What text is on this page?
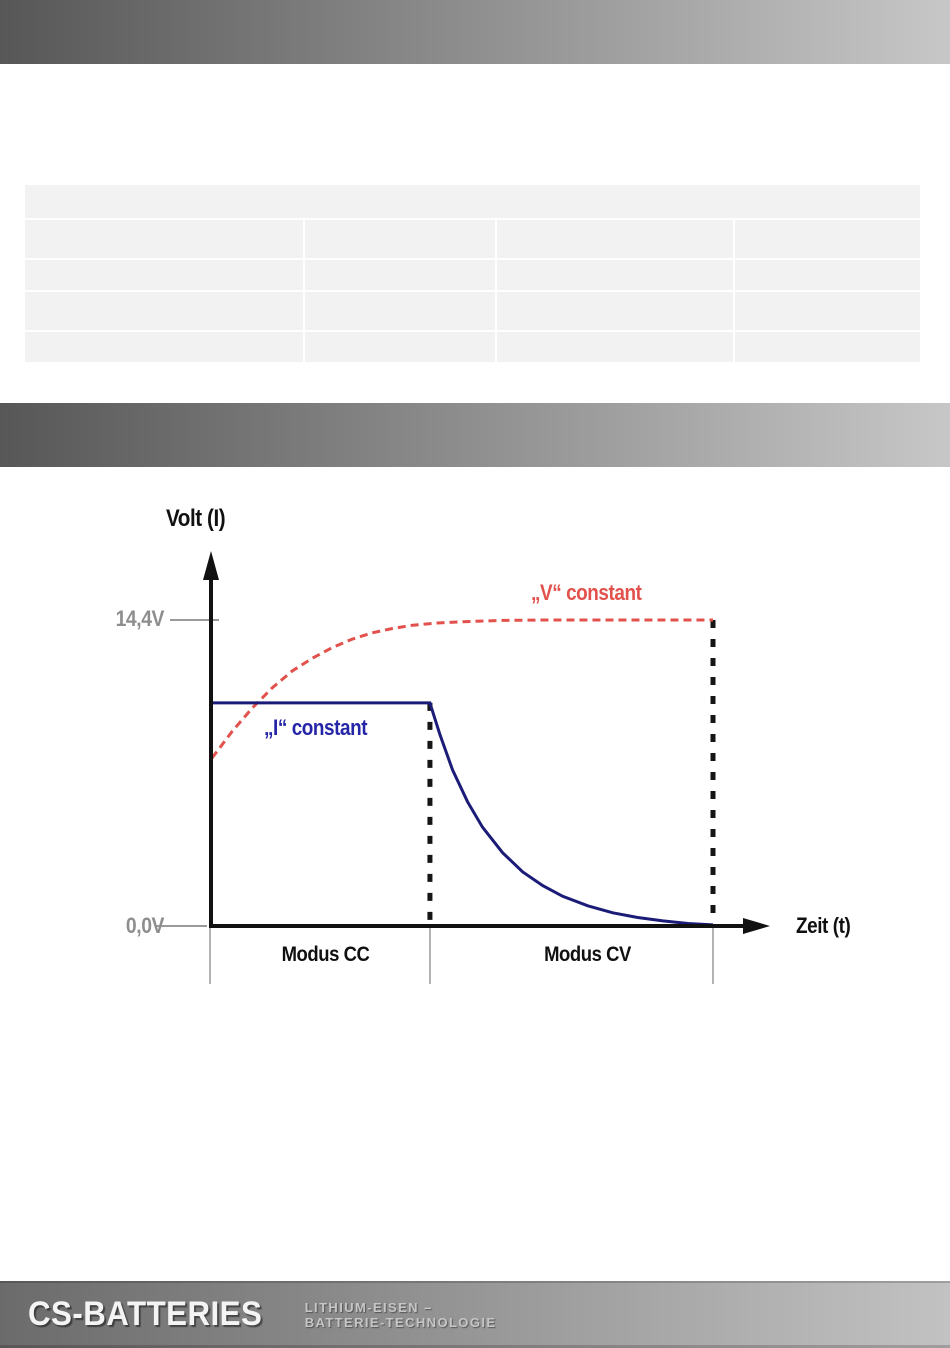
Volt (I)
14,4V
0,0V
„V“ constant
„I“ constant
Modus CC	Modus CV
Zeit (t)
CS-BATTERIES	LITHIUM-EISEN –
BATTERIE-TECHNOLOGIE
